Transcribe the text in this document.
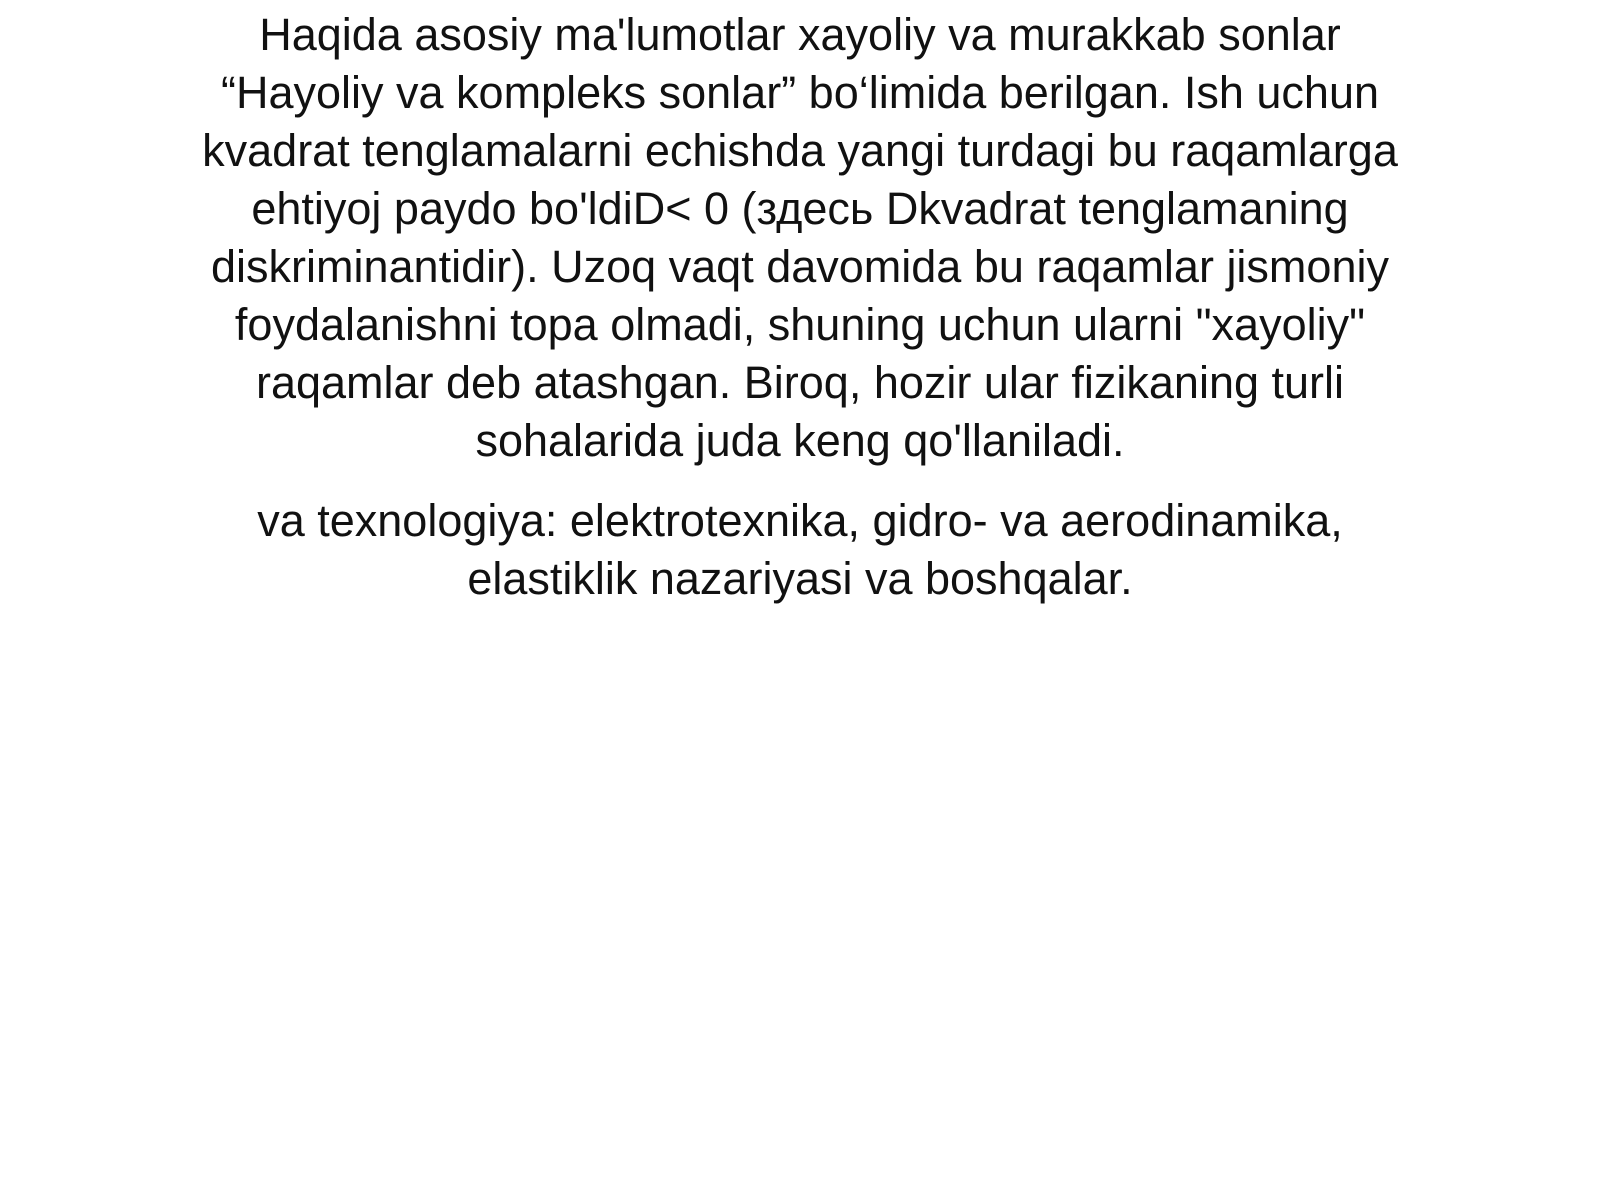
Haqida asosiy ma'lumotlar xayoliy va murakkab sonlar “Hayoliy va kompleks sonlar” bo‘limida berilgan. Ish uchun kvadrat tenglamalarni echishda yangi turdagi bu raqamlarga ehtiyoj paydo bo'ldiD< 0 (здесь Dkvadrat tenglamaning diskriminantidir). Uzoq vaqt davomida bu raqamlar jismoniy foydalanishni topa olmadi, shuning uchun ularni "xayoliy" raqamlar deb atashgan. Biroq, hozir ular fizikaning turli sohalarida juda keng qo'llaniladi.

va texnologiya: elektrotexnika, gidro- va aerodinamika, elastiklik nazariyasi va boshqalar.
